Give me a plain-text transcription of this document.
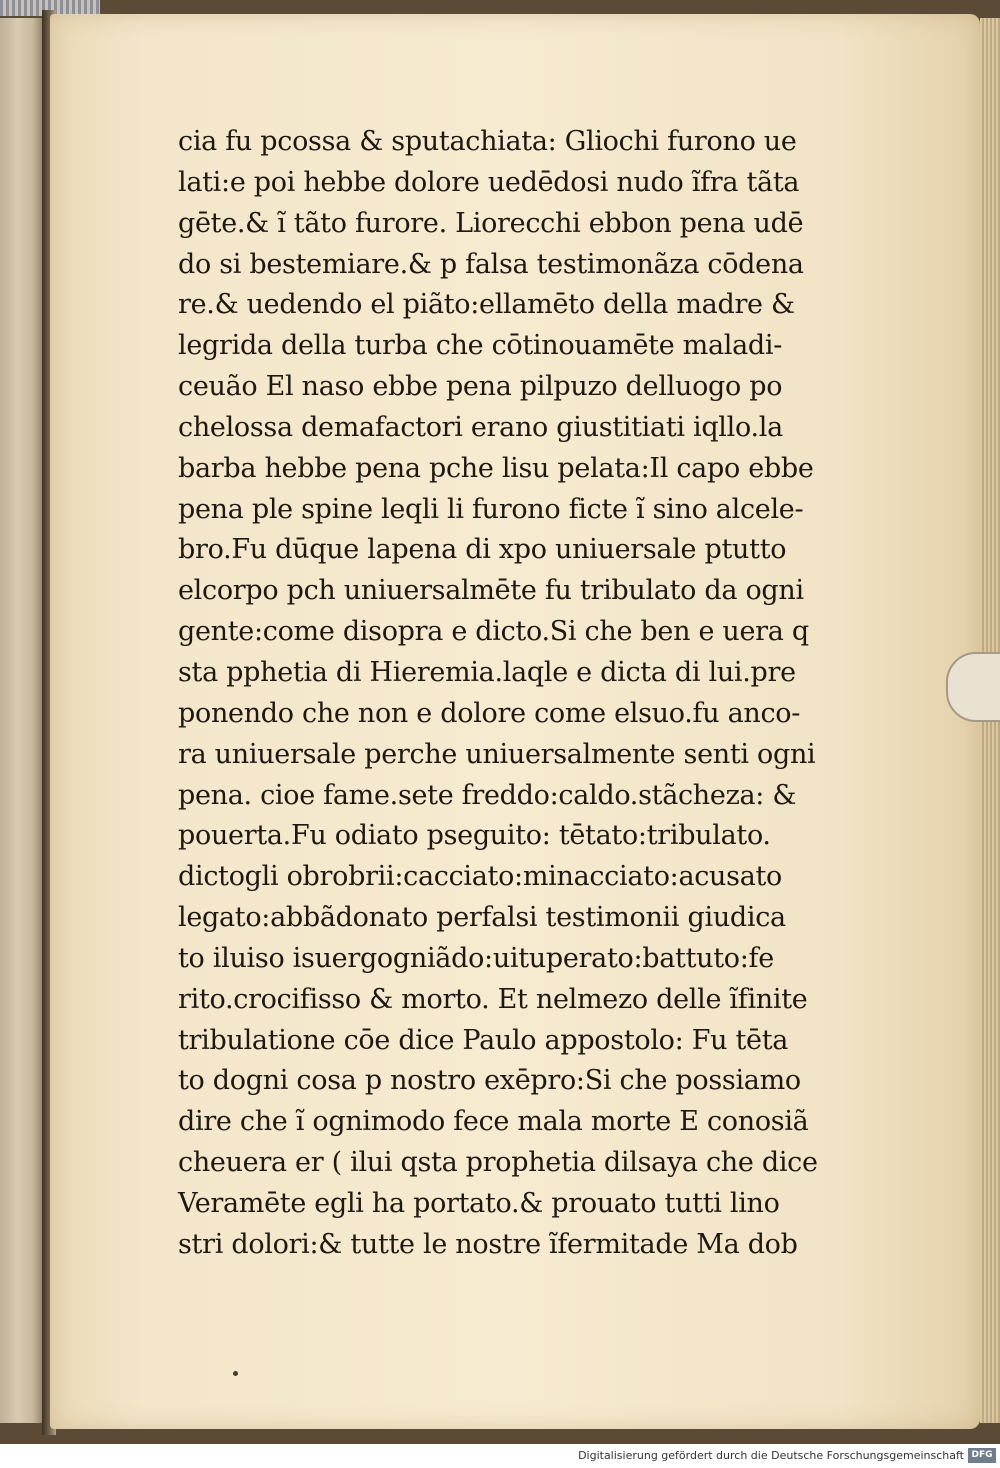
cia fu pcossa & sputachiata: Gliochi furono ue
lati:e poi hebbe dolore uedēdosi nudo ĩfra tãta
gēte.& ĩ tãto furore. Liorecchi ebbon pena udē
do si bestemiare.& p falsa testimonãza cōdena
re.& uedendo el piãto:ellamēto della madre &
legrida della turba che cōtinouamēte maladi-
ceuão El naso ebbe pena pilpuzo delluogo po
chelossa demafactori erano giustitiati iqllo.la
barba hebbe pena pche lisu pelata:Il capo ebbe
pena ple spine leqli li furono ficte ĩ sino alcele-
bro.Fu dūque lapena di xpo uniuersale ptutto
elcorpo pch uniuersalmēte fu tribulato da ogni
gente:come disopra e dicto.Si che ben e uera q
sta pphetia di Hieremia.laqle e dicta di lui.pre
ponendo che non e dolore come elsuo.fu anco-
ra uniuersale perche uniuersalmente senti ogni
pena. cioe fame.sete freddo:caldo.stãcheza: &
pouerta.Fu odiato pseguito: tētato:tribulato.
dictogli obrobrii:cacciato:minacciato:acusato
legato:abbãdonato perfalsi testimonii giudica
to iluiso isuergogniãdo:uituperato:battuto:fe
rito.crocifisso & morto. Et nelmezo delle ĩfinite
tribulatione cōe dice Paulo appostolo: Fu tēta
to dogni cosa p nostro exēpro:Si che possiamo
dire che ĩ ognimodo fece mala morte E conosiã
cheuera er ( ilui qsta prophetia dilsaya che dice
Veramēte egli ha portato.& prouato tutti lino
stri dolori:& tutte le nostre ĩfermitade Ma dob
Digitalisierung gefördert durch die Deutsche Forschungsgemeinschaft DFG
